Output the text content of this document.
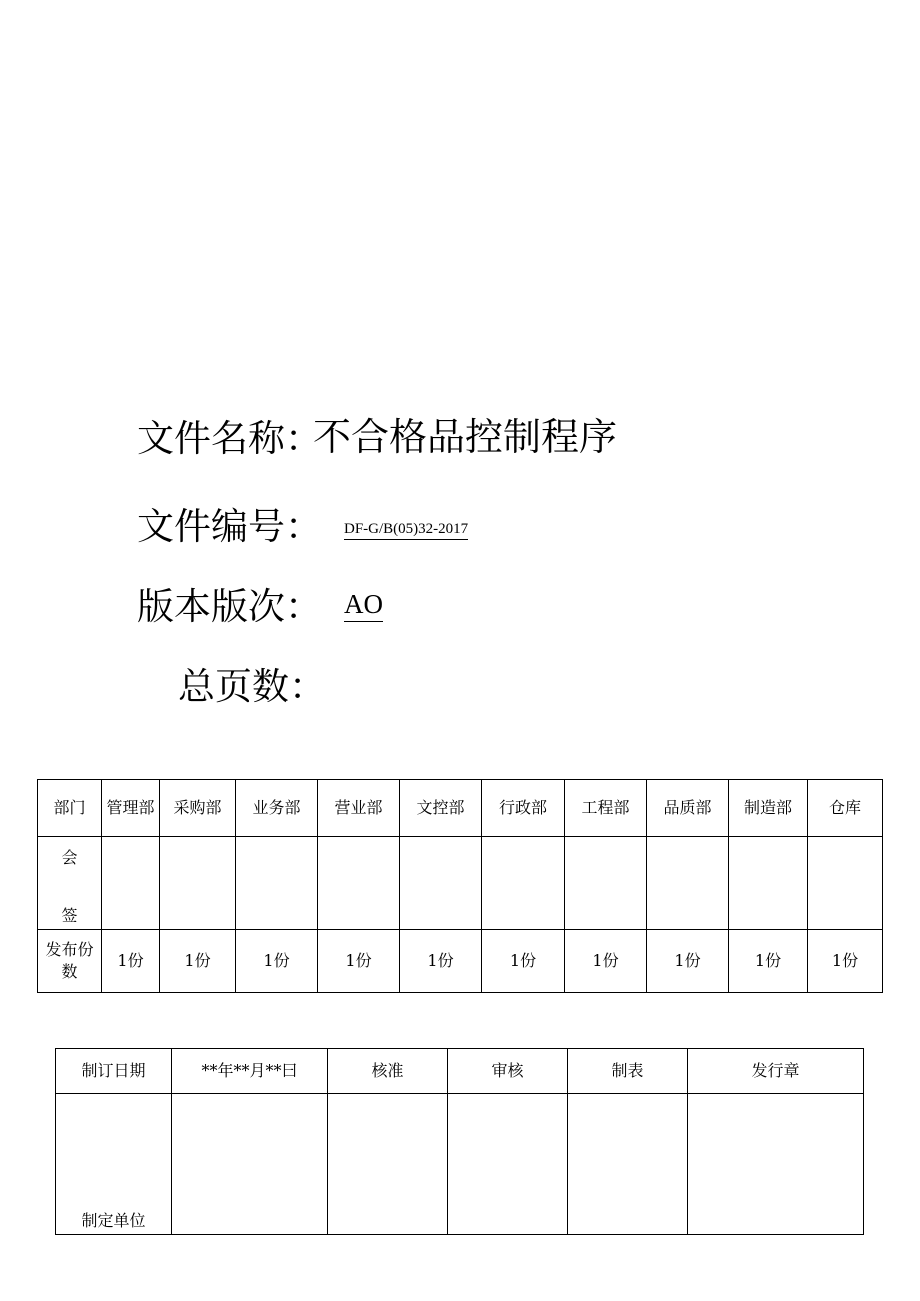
文件名称：
不合格品控制程序
文件编号： DF-G/B(05)32-2017
版本版次： AO
总页数：
部门	管理部	采购部	业务部	营业部	文控部	行政部	工程部	品质部	制造部	仓库

会
签										

发布份数	1份	1份	1份	1份	1份	1份	1份	1份	1份	1份
制订日期	**年**月**曰	核准	审核	制表	发行章
制定单位					
